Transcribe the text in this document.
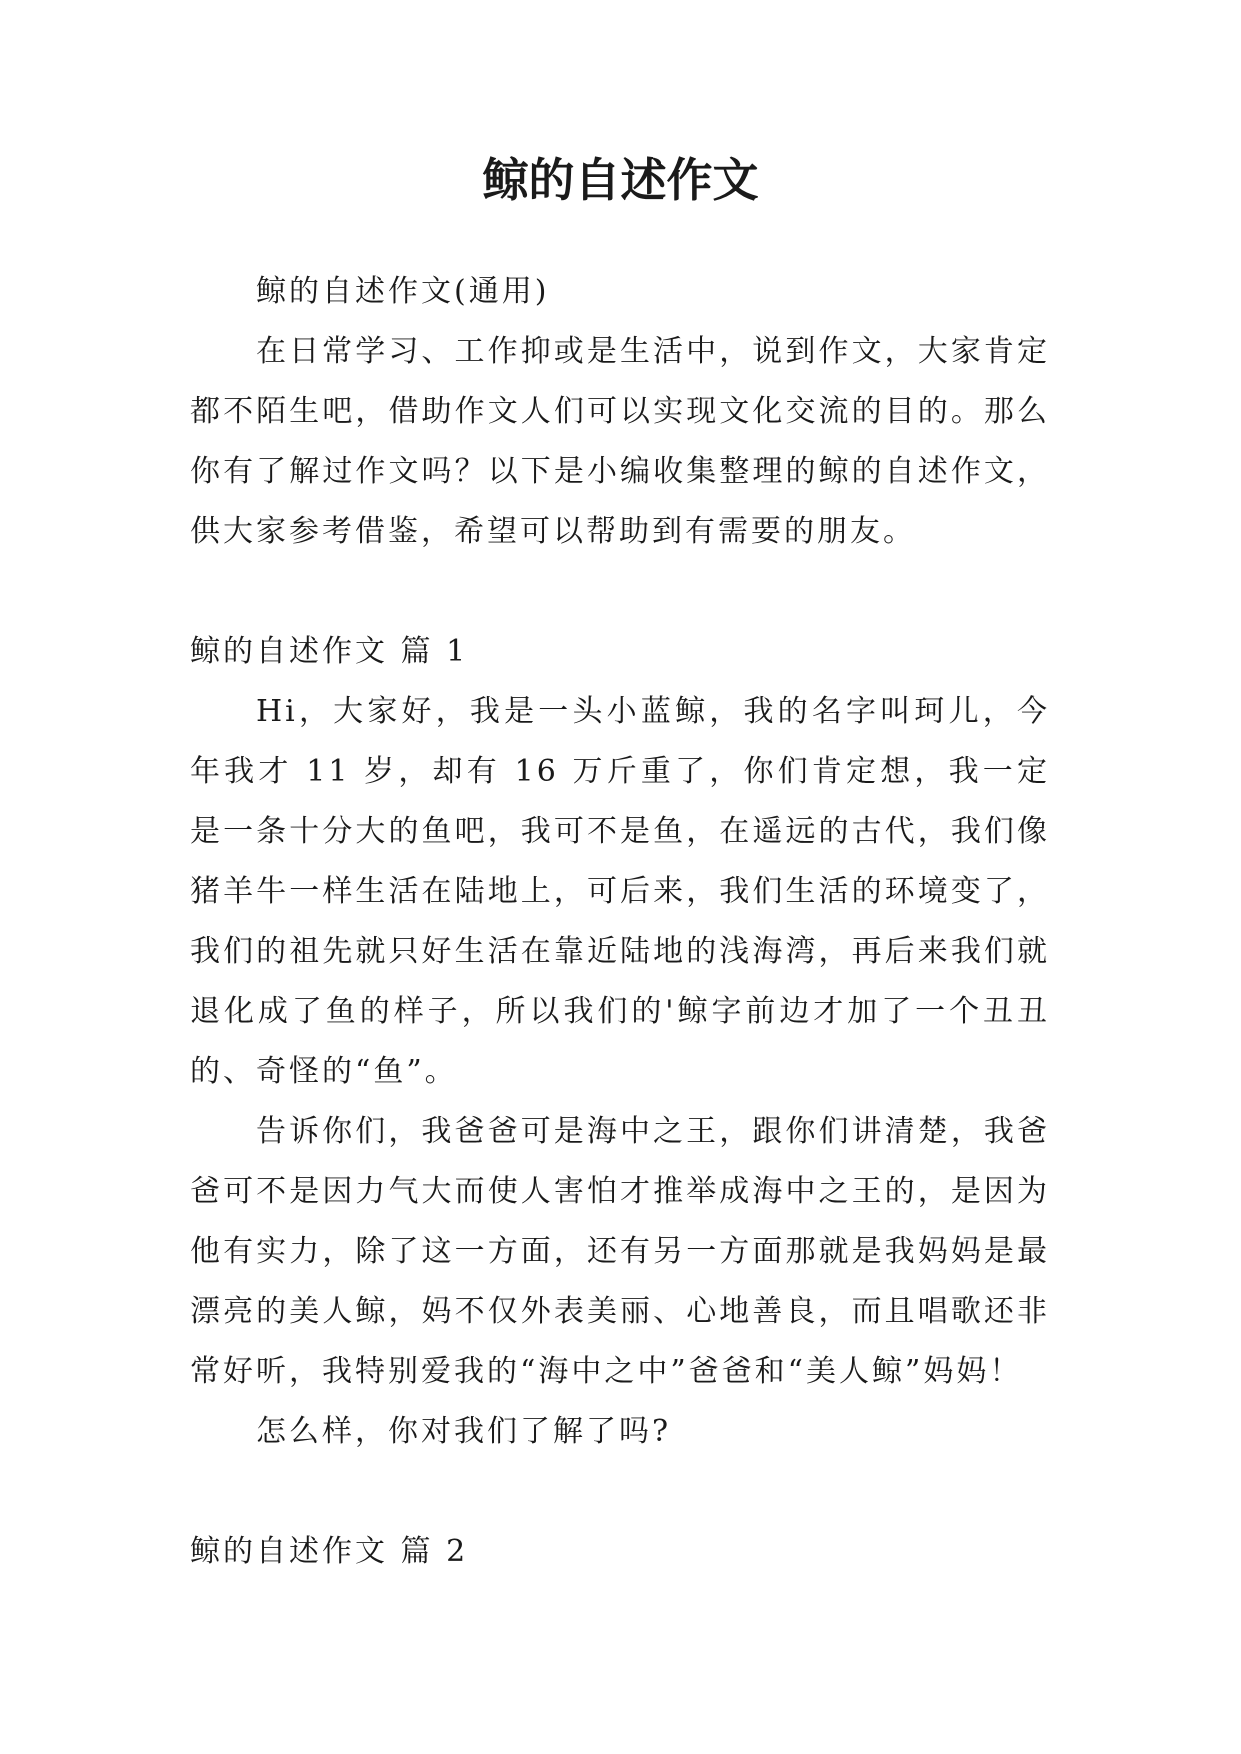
鲸的自述作文

鲸的自述作文(通用)

在日常学习、工作抑或是生活中，说到作文，大家肯定都不陌生吧，借助作文人们可以实现文化交流的目的。那么你有了解过作文吗？以下是小编收集整理的鲸的自述作文，供大家参考借鉴，希望可以帮助到有需要的朋友。

鲸的自述作文 篇 1

Hi，大家好，我是一头小蓝鲸，我的名字叫珂儿，今年我才 11 岁，却有 16 万斤重了，你们肯定想，我一定是一条十分大的鱼吧，我可不是鱼，在遥远的古代，我们像猪羊牛一样生活在陆地上，可后来，我们生活的环境变了，我们的祖先就只好生活在靠近陆地的浅海湾，再后来我们就退化成了鱼的样子，所以我们的'鲸字前边才加了一个丑丑的、奇怪的“鱼”。

告诉你们，我爸爸可是海中之王，跟你们讲清楚，我爸爸可不是因力气大而使人害怕才推举成海中之王的，是因为他有实力，除了这一方面，还有另一方面那就是我妈妈是最漂亮的美人鲸，妈不仅外表美丽、心地善良，而且唱歌还非常好听，我特别爱我的“海中之中”爸爸和“美人鲸”妈妈！

怎么样，你对我们了解了吗?

鲸的自述作文 篇 2
